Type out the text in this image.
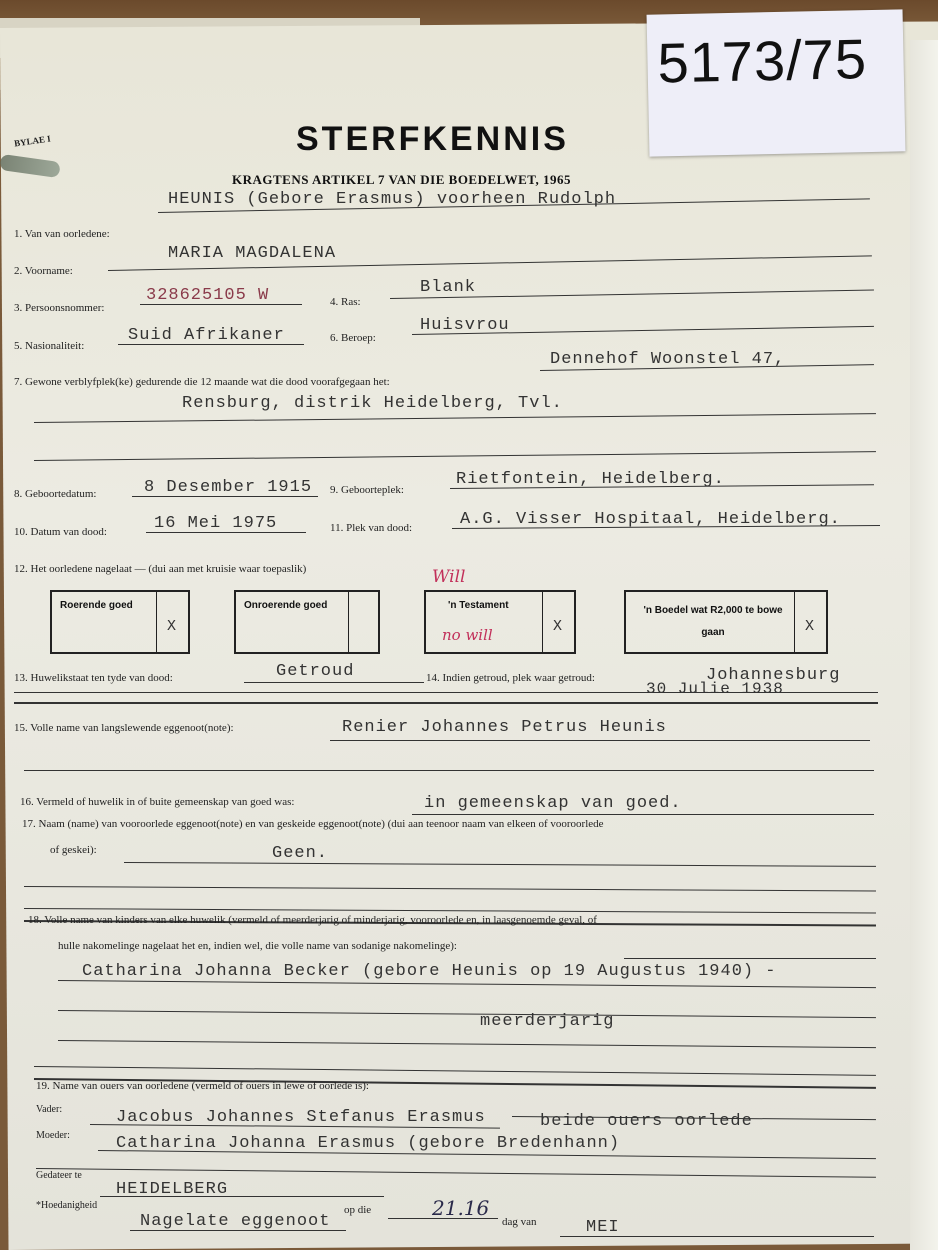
5173/75
BYLAE I	STERFKENNIS
KRAGTENS ARTIKEL 7 VAN DIE BOEDELWET, 1965
1. Van van oorledene:
HEUNIS (Gebore Erasmus) voorheen Rudolph
2. Voorname:
MARIA MAGDALENA
3. Persoonsnommer:
328625105 W	4. Ras:
Blank
5. Nasionaliteit:
Suid Afrikaner	6. Beroep:
Huisvrou
7. Gewone verblyfplek(ke) gedurende die 12 maande wat die dood voorafgegaan het:
Dennehof Woonstel 47,
Rensburg, distrik Heidelberg, Tvl.
8. Geboortedatum:	8 Desember 1915 9. Geboorteplek:
Rietfontein, Heidelberg.
10. Datum van dood:	16 Mei 1975	11. Plek van dood:	A.G. Visser Hospitaal, Heidelberg.
12. Het oorledene nagelaat — (dui aan met kruisie waar toepaslik)	Will
Roerende goed
X
Onroerende goed	'n Testament
no will	X
'n Boedel wat R2,000 te bowe gaan	X
13. Huwelikstaat ten tyde van dood:	Getroud	14. Indien getroud, plek waar getroud:	Johannesburg
30 Julie 1938
15. Volle name van langslewende eggenoot(note):	Renier Johannes Petrus Heunis
16. Vermeld of huwelik in of buite gemeenskap van goed was:	in gemeenskap van goed.
17. Naam (name) van vooroorlede eggenoot(note) en van geskeide eggenoot(note) (dui aan teenoor naam van elkeen of vooroorlede
of geskei):	Geen.
18. Volle name van kinders van elke huwelik (vermeld of meerderjarig of minderjarig, vooroorlede en, in laasgenoemde geval, of
hulle nakomelinge nagelaat het en, indien wel, die volle name van sodanige nakomelinge):
Catharina Johanna Becker (gebore Heunis op 19 Augustus 1940) -
meerderjarig
19. Name van ouers van oorledene (vermeld of ouers in lewe of oorlede is):
beide ouers oorlede
Vader:	Jacobus Johannes Stefanus Erasmus
Moeder:	Catharina Johanna Erasmus (gebore Bredenhann)
Gedateer te
HEIDELBERG
*Hoedanigheid
Nagelate eggenoot
op die	21.16
dag van	MEI
